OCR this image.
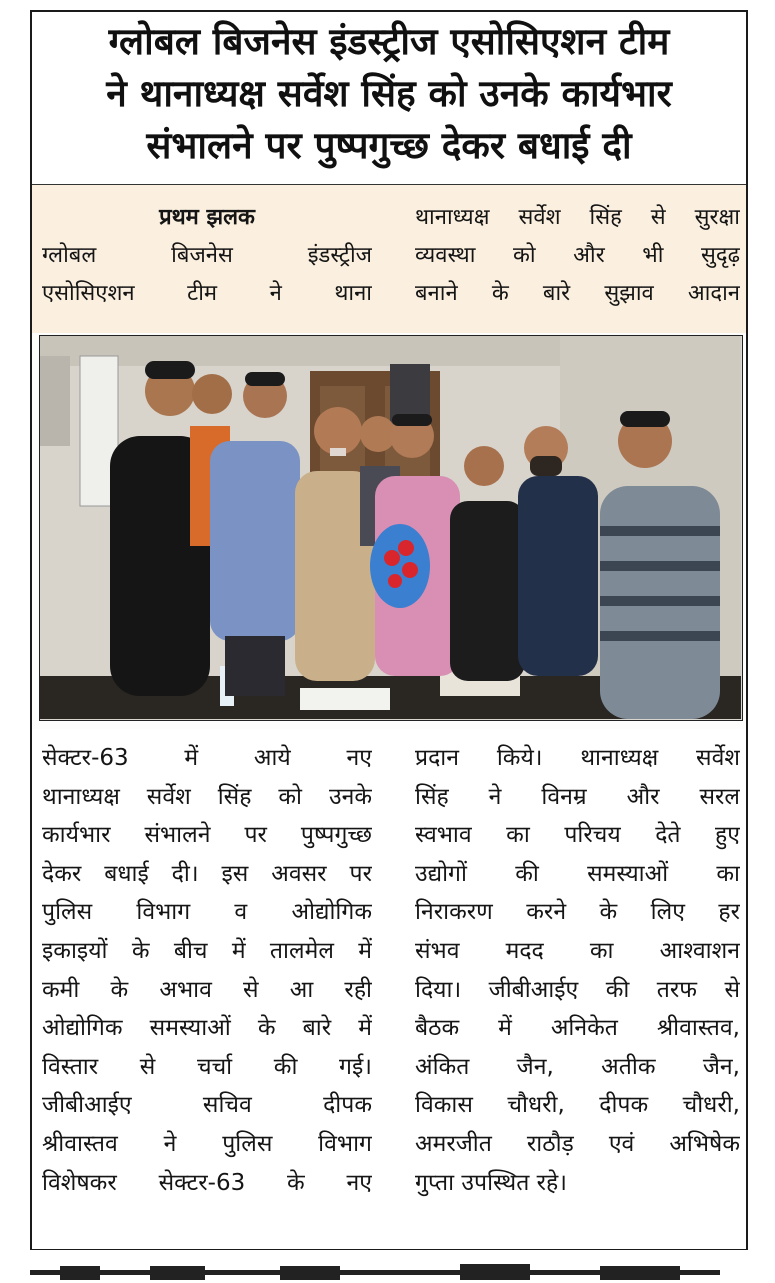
ग्लोबल बिजनेस इंडस्ट्रीज एसोसिएशन टीम
ने थानाध्यक्ष सर्वेश सिंह को उनके कार्यभार
संभालने पर पुष्पगुच्छ देकर बधाई दी
प्रथम झलक
ग्लोबल बिजनेस इंडस्ट्रीज
एसोसिएशन टीम ने थाना
थानाध्यक्ष सर्वेश सिंह से सुरक्षा
व्यवस्था को और भी सुदृढ़
बनाने के बारे सुझाव आदान
सेक्टर-63 में आये नए
थानाध्यक्ष सर्वेश सिंह को उनके
कार्यभार संभालने पर पुष्पगुच्छ
देकर बधाई दी। इस अवसर पर
पुलिस विभाग व ओद्योगिक
इकाइयों के बीच में तालमेल में
कमी के अभाव से आ रही
ओद्योगिक समस्याओं के बारे में
विस्तार से चर्चा की गई।
जीबीआईए सचिव दीपक
श्रीवास्तव ने पुलिस विभाग
विशेषकर सेक्टर-63 के नए
प्रदान किये। थानाध्यक्ष सर्वेश
सिंह ने विनम्र और सरल
स्वभाव का परिचय देते हुए
उद्योगों की समस्याओं का
निराकरण करने के लिए हर
संभव मदद का आश्वाशन
दिया। जीबीआईए की तरफ से
बैठक में अनिकेत श्रीवास्तव,
अंकित जैन, अतीक जैन,
विकास चौधरी, दीपक चौधरी,
अमरजीत राठौड़ एवं अभिषेक
गुप्ता उपस्थित रहे।
